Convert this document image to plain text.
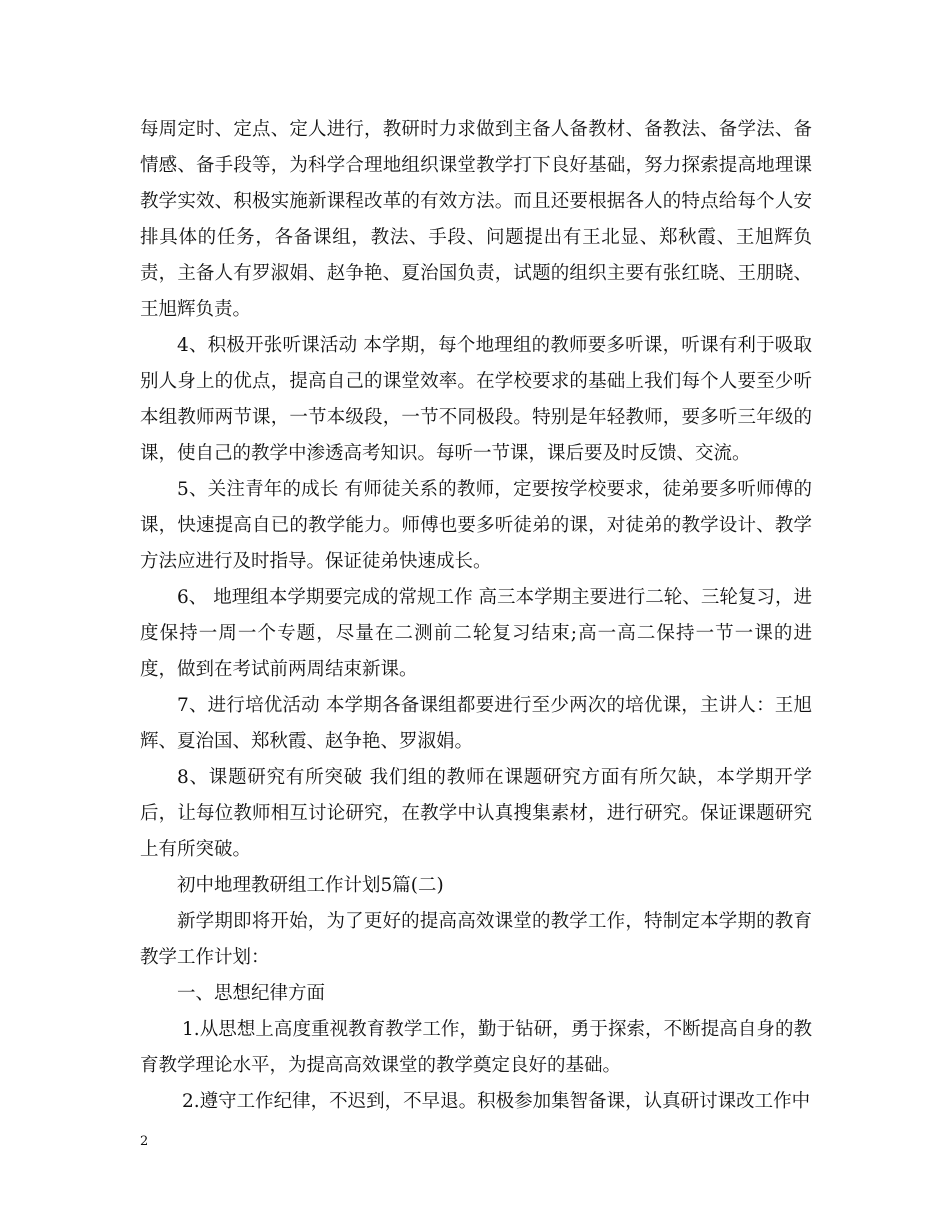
每周定时、定点、定人进行，教研时力求做到主备人备教材、备教法、备学法、备情感、备手段等，为科学合理地组织课堂教学打下良好基础，努力探索提高地理课教学实效、积极实施新课程改革的有效方法。而且还要根据各人的特点给每个人安排具体的任务，各备课组，教法、手段、问题提出有王北显、郑秋霞、王旭辉负责，主备人有罗淑娟、赵争艳、夏治国负责，试题的组织主要有张红晓、王朋晓、王旭辉负责。

4、积极开张听课活动 本学期，每个地理组的教师要多听课，听课有利于吸取别人身上的优点，提高自己的课堂效率。在学校要求的基础上我们每个人要至少听本组教师两节课，一节本级段，一节不同极段。特别是年轻教师，要多听三年级的课，使自己的教学中渗透高考知识。每听一节课，课后要及时反馈、交流。

5、关注青年的成长 有师徒关系的教师，定要按学校要求，徒弟要多听师傅的课，快速提高自已的教学能力。师傅也要多听徒弟的课，对徒弟的教学设计、教学方法应进行及时指导。保证徒弟快速成长。

6、 地理组本学期要完成的常规工作 高三本学期主要进行二轮、三轮复习，进度保持一周一个专题，尽量在二测前二轮复习结束;高一高二保持一节一课的进度，做到在考试前两周结束新课。

7、进行培优活动 本学期各备课组都要进行至少两次的培优课，主讲人：王旭辉、夏治国、郑秋霞、赵争艳、罗淑娟。

8、课题研究有所突破 我们组的教师在课题研究方面有所欠缺，本学期开学后，让每位教师相互讨论研究，在教学中认真搜集素材，进行研究。保证课题研究上有所突破。

初中地理教研组工作计划5篇(二)

新学期即将开始，为了更好的提高高效课堂的教学工作，特制定本学期的教育教学工作计划：

一、思想纪律方面

1.从思想上高度重视教育教学工作，勤于钻研，勇于探索，不断提高自身的教育教学理论水平，为提高高效课堂的教学奠定良好的基础。

2.遵守工作纪律，不迟到，不早退。积极参加集智备课，认真研讨课改工作中

2
